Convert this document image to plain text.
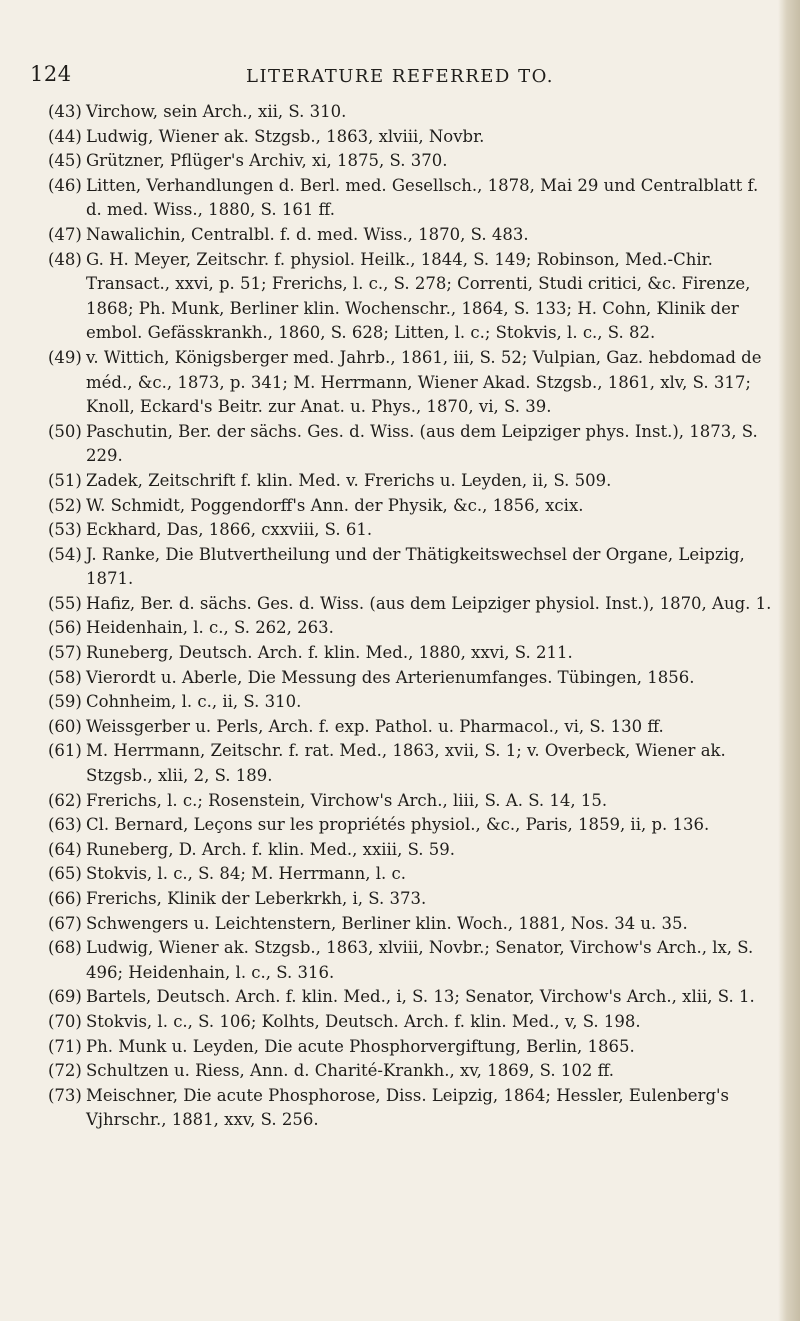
124	LITERATURE REFERRED TO.
(43) Virchow, sein Arch., xii, S. 310.
(44) Ludwig, Wiener ak. Stzgsb., 1863, xlviii, Novbr.
(45) Grützner, Pflüger's Archiv, xi, 1875, S. 370.
(46) Litten, Verhandlungen d. Berl. med. Gesellsch., 1878, Mai 29 und Centralblatt f. d. med. Wiss., 1880, S. 161 ff.
(47) Nawalichin, Centralbl. f. d. med. Wiss., 1870, S. 483.
(48) G. H. Meyer, Zeitschr. f. physiol. Heilk., 1844, S. 149; Robinson, Med.-Chir. Transact., xxvi, p. 51; Frerichs, l. c., S. 278; Correnti, Studi critici, &c. Firenze, 1868; Ph. Munk, Berliner klin. Wochenschr., 1864, S. 133; H. Cohn, Klinik der embol. Gefässkrankh., 1860, S. 628; Litten, l. c.; Stokvis, l. c., S. 82.
(49) v. Wittich, Königsberger med. Jahrb., 1861, iii, S. 52; Vulpian, Gaz. hebdomad de méd., &c., 1873, p. 341; M. Herrmann, Wiener Akad. Stzgsb., 1861, xlv, S. 317; Knoll, Eckard's Beitr. zur Anat. u. Phys., 1870, vi, S. 39.
(50) Paschutin, Ber. der sächs. Ges. d. Wiss. (aus dem Leipziger phys. Inst.), 1873, S. 229.
(51) Zadek, Zeitschrift f. klin. Med. v. Frerichs u. Leyden, ii, S. 509.
(52) W. Schmidt, Poggendorff's Ann. der Physik, &c., 1856, xcix.
(53) Eckhard, Das, 1866, cxxviii, S. 61.
(54) J. Ranke, Die Blutvertheilung und der Thätigkeitswechsel der Organe, Leipzig, 1871.
(55) Hafiz, Ber. d. sächs. Ges. d. Wiss. (aus dem Leipziger physiol. Inst.), 1870, Aug. 1.
(56) Heidenhain, l. c., S. 262, 263.
(57) Runeberg, Deutsch. Arch. f. klin. Med., 1880, xxvi, S. 211.
(58) Vierordt u. Aberle, Die Messung des Arterienumfanges. Tübingen, 1856.
(59) Cohnheim, l. c., ii, S. 310.
(60) Weissgerber u. Perls, Arch. f. exp. Pathol. u. Pharmacol., vi, S. 130 ff.
(61) M. Herrmann, Zeitschr. f. rat. Med., 1863, xvii, S. 1; v. Overbeck, Wiener ak. Stzgsb., xlii, 2, S. 189.
(62) Frerichs, l. c.; Rosenstein, Virchow's Arch., liii, S. A. S. 14, 15.
(63) Cl. Bernard, Leçons sur les propriétés physiol., &c., Paris, 1859, ii, p. 136.
(64) Runeberg, D. Arch. f. klin. Med., xxiii, S. 59.
(65) Stokvis, l. c., S. 84; M. Herrmann, l. c.
(66) Frerichs, Klinik der Leberkrkh, i, S. 373.
(67) Schwengers u. Leichtenstern, Berliner klin. Woch., 1881, Nos. 34 u. 35.
(68) Ludwig, Wiener ak. Stzgsb., 1863, xlviii, Novbr.; Senator, Virchow's Arch., lx, S. 496; Heidenhain, l. c., S. 316.
(69) Bartels, Deutsch. Arch. f. klin. Med., i, S. 13; Senator, Virchow's Arch., xlii, S. 1.
(70) Stokvis, l. c., S. 106; Kolhts, Deutsch. Arch. f. klin. Med., v, S. 198.
(71) Ph. Munk u. Leyden, Die acute Phosphorvergiftung, Berlin, 1865.
(72) Schultzen u. Riess, Ann. d. Charité-Krankh., xv, 1869, S. 102 ff.
(73) Meischner, Die acute Phosphorose, Diss. Leipzig, 1864; Hessler, Eulenberg's Vjhrschr., 1881, xxv, S. 256.
